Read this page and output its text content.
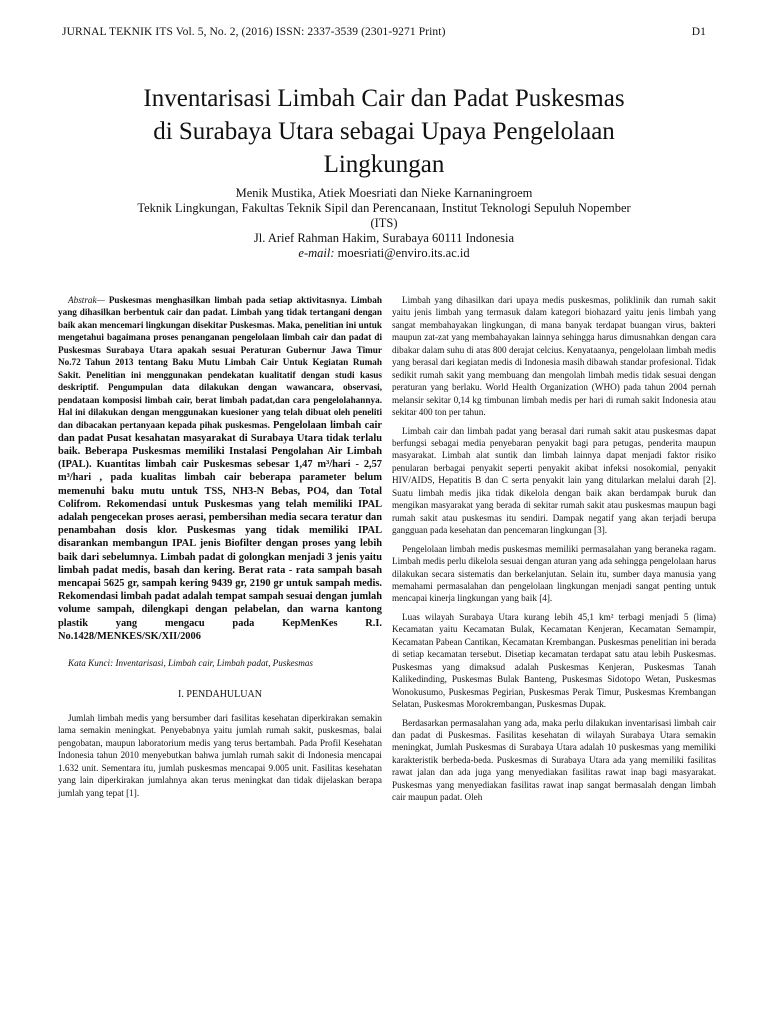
JURNAL TEKNIK ITS Vol. 5, No. 2, (2016) ISSN: 2337-3539 (2301-9271 Print)	D1
Inventarisasi Limbah Cair dan Padat Puskesmas
di Surabaya Utara sebagai Upaya Pengelolaan
Lingkungan
Menik Mustika, Atiek Moesriati dan Nieke Karnaningroem
Teknik Lingkungan, Fakultas Teknik Sipil dan Perencanaan, Institut Teknologi Sepuluh Nopember
(ITS)
Jl. Arief Rahman Hakim, Surabaya 60111 Indonesia
e-mail: moesriati@enviro.its.ac.id

Abstrak— Puskesmas menghasilkan limbah pada setiap aktivitasnya. Limbah yang dihasilkan berbentuk cair dan padat. Limbah yang tidak tertangani dengan baik akan mencemari lingkungan disekitar Puskesmas. Maka, penelitian ini untuk mengetahui bagaimana proses penanganan pengelolaan limbah cair dan padat di Puskesmas Surabaya Utara apakah sesuai Peraturan Gubernur Jawa Timur No.72 Tahun 2013 tentang Baku Mutu Limbah Cair Untuk Kegiatan Rumah Sakit. Penelitian ini menggunakan pendekatan kualitatif dengan studi kasus deskriptif. Pengumpulan data dilakukan dengan wawancara, observasi, pendataan komposisi limbah cair, berat limbah padat,dan cara pengelolahannya. Hal ini dilakukan dengan menggunakan kuesioner yang telah dibuat oleh peneliti dan dibacakan pertanyaan kepada pihak puskesmas. Pengelolaan limbah cair dan padat Pusat kesahatan masyarakat di Surabaya Utara tidak terlalu baik. Beberapa Puskesmas memiliki Instalasi Pengolahan Air Limbah (IPAL). Kuantitas limbah cair Puskesmas sebesar 1,47 m³/hari - 2,57 m³/hari , pada kualitas limbah cair beberapa parameter belum memenuhi baku mutu untuk TSS, NH3-N Bebas, PO4, dan Total Colifrom. Rekomendasi untuk Puskesmas yang telah memiliki IPAL adalah pengecekan proses aerasi, pembersihan media secara teratur dan penambahan dosis klor. Puskesmas yang tidak memiliki IPAL disarankan membangun IPAL jenis Biofilter dengan proses yang lebih baik dari sebelumnya. Limbah padat di golongkan menjadi 3 jenis yaitu limbah padat medis, basah dan kering. Berat rata - rata sampah basah mencapai 5625 gr, sampah kering 9439 gr, 2190 gr untuk sampah medis. Rekomendasi limbah padat adalah tempat sampah sesuai dengan jumlah volume sampah, dilengkapi dengan pelabelan, dan warna kantong plastik yang mengacu pada KepMenKes R.I. No.1428/MENKES/SK/XII/2006

Kata Kunci: Inventarisasi, Limbah cair, Limbah padat, Puskesmas

I. PENDAHULUAN

Jumlah limbah medis yang bersumber dari fasilitas kesehatan diperkirakan semakin lama semakin meningkat. Penyebabnya yaitu jumlah rumah sakit, puskesmas, balai pengobatan, maupun laboratorium medis yang terus bertambah. Pada Profil Kesehatan Indonesia tahun 2010 menyebutkan bahwa jumlah rumah sakit di Indonesia mencapai 1.632 unit. Sementara itu, jumlah puskesmas mencapai 9.005 unit. Fasilitas kesehatan yang lain diperkirakan jumlahnya akan terus meningkat dan tidak dijelaskan berapa jumlah yang tepat [1].

Limbah yang dihasilkan dari upaya medis puskesmas, poliklinik dan rumah sakit yaitu jenis limbah yang termasuk dalam kategori biohazard yaitu jenis limbah yang sangat membahayakan lingkungan, di mana banyak terdapat buangan virus, bakteri maupun zat-zat yang membahayakan lainnya sehingga harus dimusnahkan dengan cara dibakar dalam suhu di atas 800 derajat celcius. Kenyataanya, pengelolaan limbah medis yang berasal dari kegiatan medis di Indonesia masih dibawah standar profesional. Tidak sedikit rumah sakit yang membuang dan mengolah limbah medis tidak sesuai dengan peraturan yang berlaku. World Health Organization (WHO) pada tahun 2004 pernah melansir sekitar 0,14 kg timbunan limbah medis per hari di rumah sakit Indonesia atau sekitar 400 ton per tahun.

Limbah cair dan limbah padat yang berasal dari rumah sakit atau puskesmas dapat berfungsi sebagai media penyebaran penyakit bagi para petugas, penderita maupun masyarakat. Limbah alat suntik dan limbah lainnya dapat menjadi faktor risiko penularan berbagai penyakit seperti penyakit akibat infeksi nosokomial, penyakit HIV/AIDS, Hepatitis B dan C serta penyakit lain yang ditularkan melalui darah [2]. Suatu limbah medis jika tidak dikelola dengan baik akan berdampak buruk dan mengikan masyarakat yang berada di sekitar rumah sakit atau puskesmas maupun bagi rumah sakit atau puskesmas itu sendiri. Dampak negatif yang akan terjadi berupa gangguan pada kesehatan dan pencemaran lingkungan [3].

Pengelolaan limbah medis puskesmas memiliki permasalahan yang beraneka ragam. Limbah medis perlu dikelola sesuai dengan aturan yang ada sehingga pengelolaan harus dilakukan secara sistematis dan berkelanjutan. Selain itu, sumber daya manusia yang memahami permasalahan dan pengelolaan lingkungan menjadi sangat penting untuk mencapai kinerja lingkungan yang baik [4].

Luas wilayah Surabaya Utara kurang lebih 45,1 km² terbagi menjadi 5 (lima) Kecamatan yaitu Kecamatan Bulak, Kecamatan Kenjeran, Kecamatan Semampir, Kecamatan Pabean Cantikan, Kecamatan Krembangan. Puskesmas penelitian ini berada di setiap kecamatan tersebut. Disetiap kecamatan terdapat satu atau lebih Puskesmas. Puskesmas yang dimaksud adalah Puskesmas Kenjeran, Puskesmas Tanah Kalikedinding, Puskesmas Bulak Banteng, Puskesmas Sidotopo Wetan, Puskesmas Wonokusumo, Puskesmas Pegirian, Puskesmas Perak Timur, Puskesmas Krembangan Selatan, Puskesmas Morokrembangan, Puskesmas Dupak.

Berdasarkan permasalahan yang ada, maka perlu dilakukan inventarisasi limbah cair dan padat di Puskesmas. Fasilitas kesehatan di wilayah Surabaya Utara semakin meningkat, Jumlah Puskesmas di Surabaya Utara adalah 10 puskesmas yang memiliki karakteristik berbeda-beda. Puskesmas di Surabaya Utara ada yang memiliki fasilitas rawat jalan dan ada juga yang menyediakan fasilitas rawat inap bagi masyarakat. Puskesmas yang menyediakan fasilitas rawat inap sangat bermasalah dengan limbah cair maupun padat. Oleh
